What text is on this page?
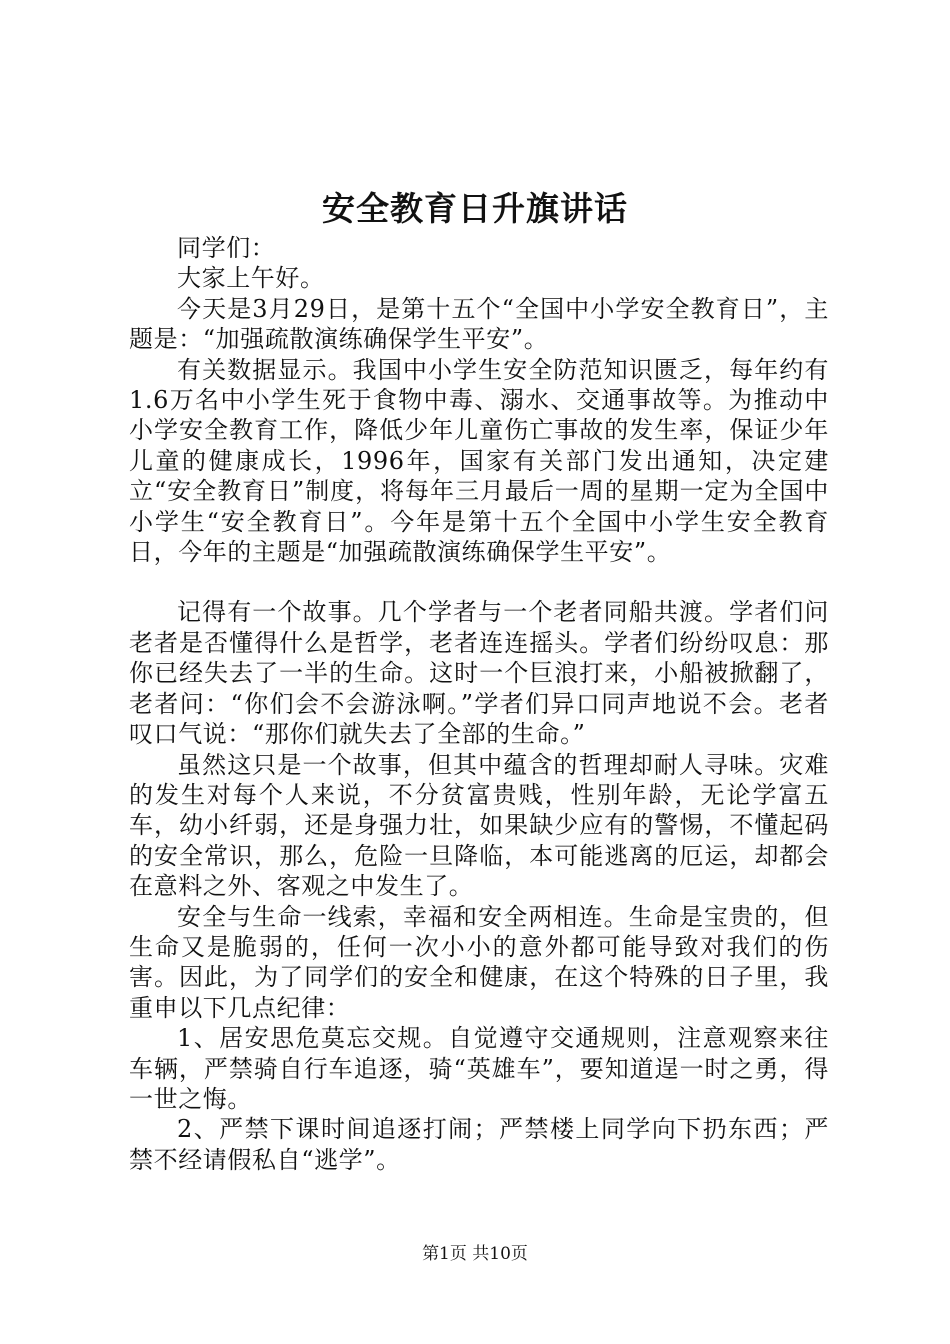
安全教育日升旗讲话

同学们：

大家上午好。

今天是3月29日，是第十五个“全国中小学安全教育日”，主题是：“加强疏散演练确保学生平安”。

有关数据显示。我国中小学生安全防范知识匮乏，每年约有1.6万名中小学生死于食物中毒、溺水、交通事故等。为推动中小学安全教育工作，降低少年儿童伤亡事故的发生率，保证少年儿童的健康成长，1996年，国家有关部门发出通知，决定建立“安全教育日”制度，将每年三月最后一周的星期一定为全国中小学生“安全教育日”。今年是第十五个全国中小学生安全教育日，今年的主题是“加强疏散演练确保学生平安”。

记得有一个故事。几个学者与一个老者同船共渡。学者们问老者是否懂得什么是哲学，老者连连摇头。学者们纷纷叹息：那你已经失去了一半的生命。这时一个巨浪打来，小船被掀翻了，老者问：“你们会不会游泳啊。”学者们异口同声地说不会。老者叹口气说：“那你们就失去了全部的生命。”

虽然这只是一个故事，但其中蕴含的哲理却耐人寻味。灾难的发生对每个人来说，不分贫富贵贱，性别年龄，无论学富五车，幼小纤弱，还是身强力壮，如果缺少应有的警惕，不懂起码的安全常识，那么，危险一旦降临，本可能逃离的厄运，却都会在意料之外、客观之中发生了。

安全与生命一线索，幸福和安全两相连。生命是宝贵的，但生命又是脆弱的，任何一次小小的意外都可能导致对我们的伤害。因此，为了同学们的安全和健康，在这个特殊的日子里，我重申以下几点纪律：

1、居安思危莫忘交规。自觉遵守交通规则，注意观察来往车辆，严禁骑自行车追逐，骑“英雄车”，要知道逞一时之勇，得一世之悔。

2、严禁下课时间追逐打闹；严禁楼上同学向下扔东西；严禁不经请假私自“逃学”。

第1页 共10页
